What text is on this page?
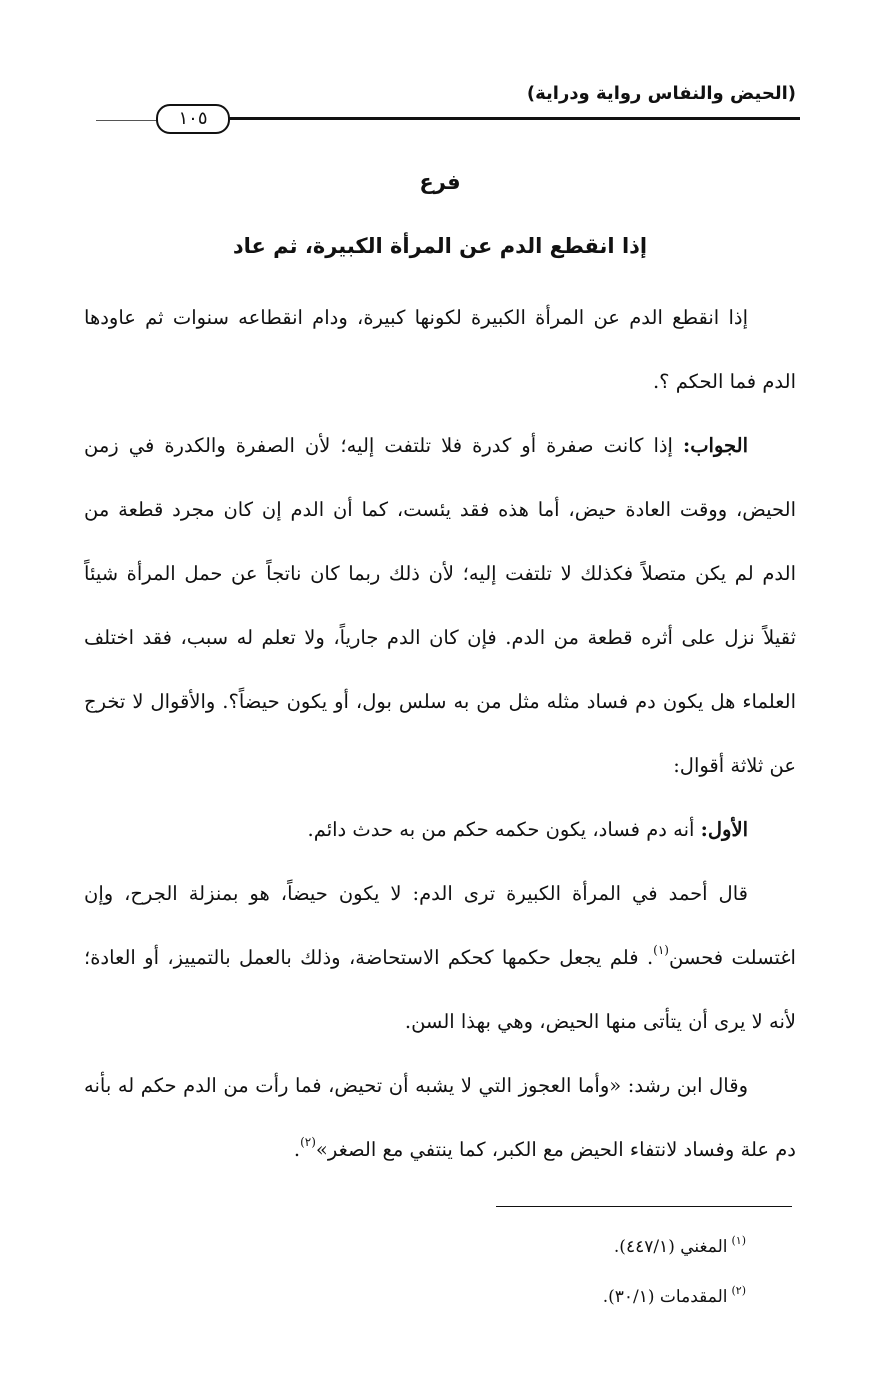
(الحيض والنفاس رواية ودراية)
١٠٥

فرع

إذا انقطع الدم عن المرأة الكبيرة، ثم عاد

إذا انقطع الدم عن المرأة الكبيرة لكونها كبيرة، ودام انقطاعه سنوات ثم عاودها الدم فما الحكم ؟.

الجواب: إذا كانت صفرة أو كدرة فلا تلتفت إليه؛ لأن الصفرة والكدرة في زمن الحيض، ووقت العادة حيض، أما هذه فقد يئست، كما أن الدم إن كان مجرد قطعة من الدم لم يكن متصلاً فكذلك لا تلتفت إليه؛ لأن ذلك ربما كان ناتجاً عن حمل المرأة شيئاً ثقيلاً نزل على أثره قطعة من الدم. فإن كان الدم جارياً، ولا تعلم له سبب، فقد اختلف العلماء هل يكون دم فساد مثله مثل من به سلس بول، أو يكون حيضاً؟. والأقوال لا تخرج عن ثلاثة أقوال:

الأول: أنه دم فساد، يكون حكمه حكم من به حدث دائم.

قال أحمد في المرأة الكبيرة ترى الدم: لا يكون حيضاً، هو بمنزلة الجرح، وإن اغتسلت فحسن$^{(١)}$. فلم يجعل حكمها كحكم الاستحاضة، وذلك بالعمل بالتمييز، أو العادة؛ لأنه لا يرى أن يتأتى منها الحيض، وهي بهذا السن.

وقال ابن رشد: «وأما العجوز التي لا يشبه أن تحيض، فما رأت من الدم حكم له بأنه دم علة وفساد لانتفاء الحيض مع الكبر، كما ينتفي مع الصغر»$^{(٢)}$.

$^{(١)}$المغني (٤٤٧/١).

$^{(٢)}$المقدمات (٣٠/١).
